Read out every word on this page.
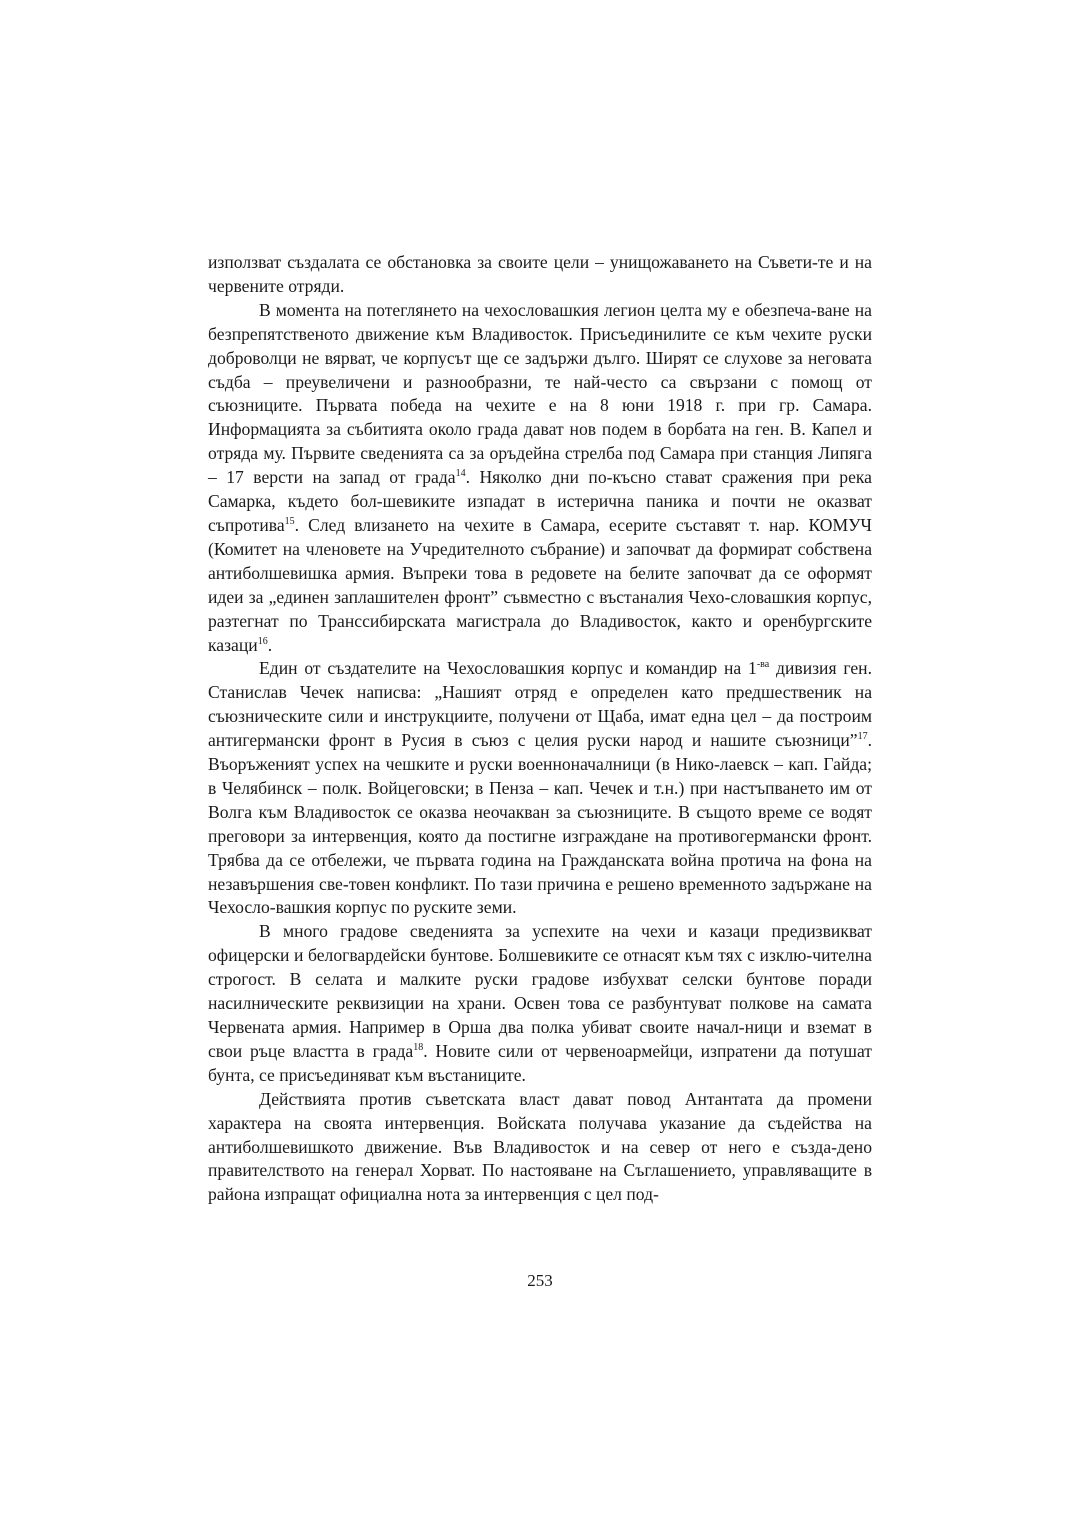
използват създалата се обстановка за своите цели – унищожаването на Съвети-те и на червените отряди.

В момента на потеглянето на чехословашкия легион целта му е обезпеча-ване на безпрепятственото движение към Владивосток. Присъединилите се към чехите руски доброволци не вярват, че корпусът ще се задържи дълго. Ширят се слухове за неговата съдба – преувеличени и разнообразни, те най-често са свързани с помощ от съюзниците. Първата победа на чехите е на 8 юни 1918 г. при гр. Самара. Информацията за събитията около града дават нов подем в борбата на ген. В. Капел и отряда му. Първите сведенията са за оръдейна стрелба под Самара при станция Липяга – 17 версти на запад от града$^{14}$. Няколко дни по-късно стават сражения при река Самарка, където бол-шевиките изпадат в истерична паника и почти не оказват съпротива$^{15}$. След влизането на чехите в Самара, есерите съставят т. нар. КОМУЧ (Комитет на членовете на Учредителното събрание) и започват да формират собствена антиболшевишка армия. Въпреки това в редовете на белите започват да се оформят идеи за „единен заплашителен фронт” съвместно с въстаналия Чехо-словашкия корпус, разтегнат по Транссибирската магистрала до Владивосток, както и оренбургските казаци$^{16}$.

Един от създателите на Чехословашкия корпус и командир на $1^{-ва}$ дивизия ген. Станислав Чечек написва: „Нашият отряд е определен като предшественик на съюзническите сили и инструкциите, получени от Щаба, имат една цел – да построим антигермански фронт в Русия в съюз с целия руски народ и нашите съюзници”$^{17}$. Въоръженият успех на чешките и руски военноначалници (в Нико-лаевск – кап. Гайда; в Челябинск – полк. Войцеговски; в Пенза – кап. Чечек и т.н.) при настъпването им от Волга към Владивосток се оказва неочакван за съюзниците. В същото време се водят преговори за интервенция, която да постигне изграждане на противогермански фронт. Трябва да се отбележи, че първата година на Гражданската война протича на фона на незавършения све-товен конфликт. По тази причина е решено временното задържане на Чехосло-вашкия корпус по руските земи.

В много градове сведенията за успехите на чехи и казаци предизвикват офицерски и белогвардейски бунтове. Болшевиките се отнасят към тях с изклю-чителна строгост. В селата и малките руски градове избухват селски бунтове поради насилническите реквизиции на храни. Освен това се разбунтуват полкове на самата Червената армия. Например в Орша два полка убиват своите начал-ници и вземат в свои ръце властта в града$^{18}$. Новите сили от червеноармейци, изпратени да потушат бунта, се присъединяват към въстаниците.

Действията против съветската власт дават повод Антантата да промени характера на своята интервенция. Войската получава указание да съдейства на антиболшевишкото движение. Във Владивосток и на север от него е създа-дено правителството на генерал Хорват. По настояване на Съглашението, управляващите в района изпращат официална нота за интервенция с цел под-

253
